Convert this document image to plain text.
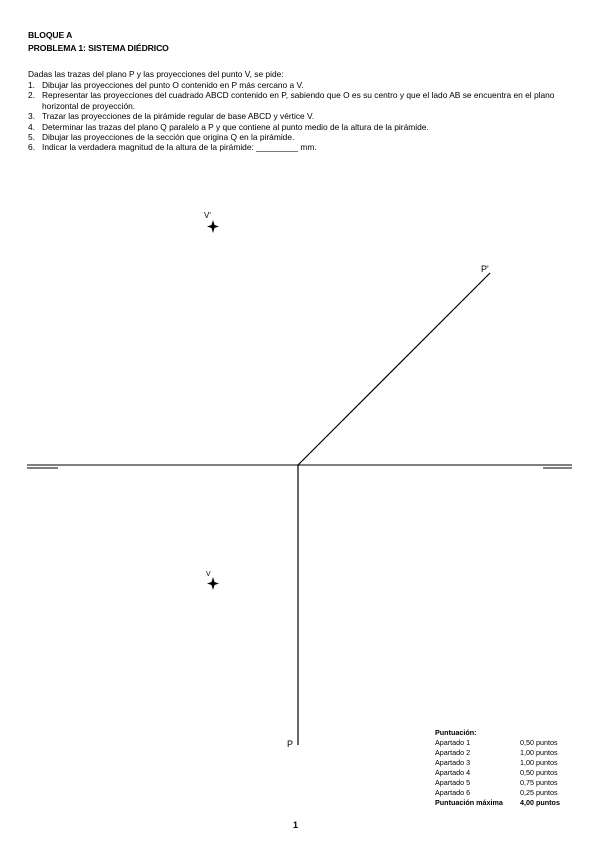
BLOQUE A
PROBLEMA 1: SISTEMA DIÉDRICO
Dadas las trazas del plano P y las proyecciones del punto V, se pide:
1. Dibujar las proyecciones del punto O contenido en P más cercano a V.
2. Representar las proyecciones del cuadrado ABCD contenido en P, sabiendo que O es su centro y que el lado AB se encuentra en el plano horizontal de proyección.
3. Trazar las proyecciones de la pirámide regular de base ABCD y vértice V.
4. Determinar las trazas del plano Q paralelo a P y que contiene al punto medio de la altura de la pirámide.
5. Dibujar las proyecciones de la sección que origina Q en la pirámide.
6. Indicar la verdadera magnitud de la altura de la pirámide: _________ mm.
V'
V
P'
P
Puntuación:
Apartado 1	0,50 puntos
Apartado 2	1,00 puntos
Apartado 3	1,00 puntos
Apartado 4	0,50 puntos
Apartado 5	0,75 puntos
Apartado 6	0,25 puntos
Puntuación máxima	4,00 puntos
1
